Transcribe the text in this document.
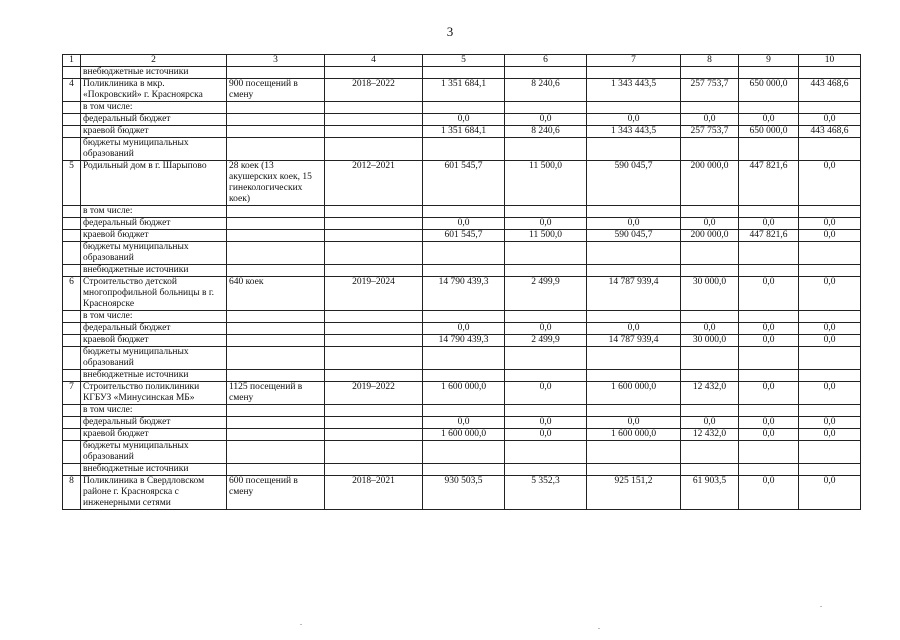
3
1	2	3	4	5	6	7	8	9	10
	внебюджетные источники								
4	Поликлиника в мкр. «Покровский» г. Красноярска	900 посещений в смену	2018–2022	1 351 684,1	8 240,6	1 343 443,5	257 753,7	650 000,0	443 468,6
	в том числе:								
	федеральный бюджет			0,0	0,0	0,0	0,0	0,0	0,0
	краевой бюджет			1 351 684,1	8 240,6	1 343 443,5	257 753,7	650 000,0	443 468,6
	бюджеты муниципальных образований								
5	Родильный дом в г. Шарыпово	28 коек (13 акушерских коек, 15 гинекологических коек)	2012–2021	601 545,7	11 500,0	590 045,7	200 000,0	447 821,6	0,0
	в том числе:								
	федеральный бюджет			0,0	0,0	0,0	0,0	0,0	0,0
	краевой бюджет			601 545,7	11 500,0	590 045,7	200 000,0	447 821,6	0,0
	бюджеты муниципальных образований								
	внебюджетные источники								
6	Строительство детской многопрофильной больницы в г. Красноярске	640 коек	2019–2024	14 790 439,3	2 499,9	14 787 939,4	30 000,0	0,0	0,0
	в том числе:								
	федеральный бюджет			0,0	0,0	0,0	0,0	0,0	0,0
	краевой бюджет			14 790 439,3	2 499,9	14 787 939,4	30 000,0	0,0	0,0
	бюджеты муниципальных образований								
	внебюджетные источники								
7	Строительство поликлиники КГБУЗ «Минусинская МБ»	1125 посещений в смену	2019–2022	1 600 000,0	0,0	1 600 000,0	12 432,0	0,0	0,0
	в том числе:								
	федеральный бюджет			0,0	0,0	0,0	0,0	0,0	0,0
	краевой бюджет			1 600 000,0	0,0	1 600 000,0	12 432,0	0,0	0,0
	бюджеты муниципальных образований								
	внебюджетные источники								
8	Поликлиника в Свердловском районе г. Красноярска с инженерными сетями	600 посещений в смену	2018–2021	930 503,5	5 352,3	925 151,2	61 903,5	0,0	0,0
